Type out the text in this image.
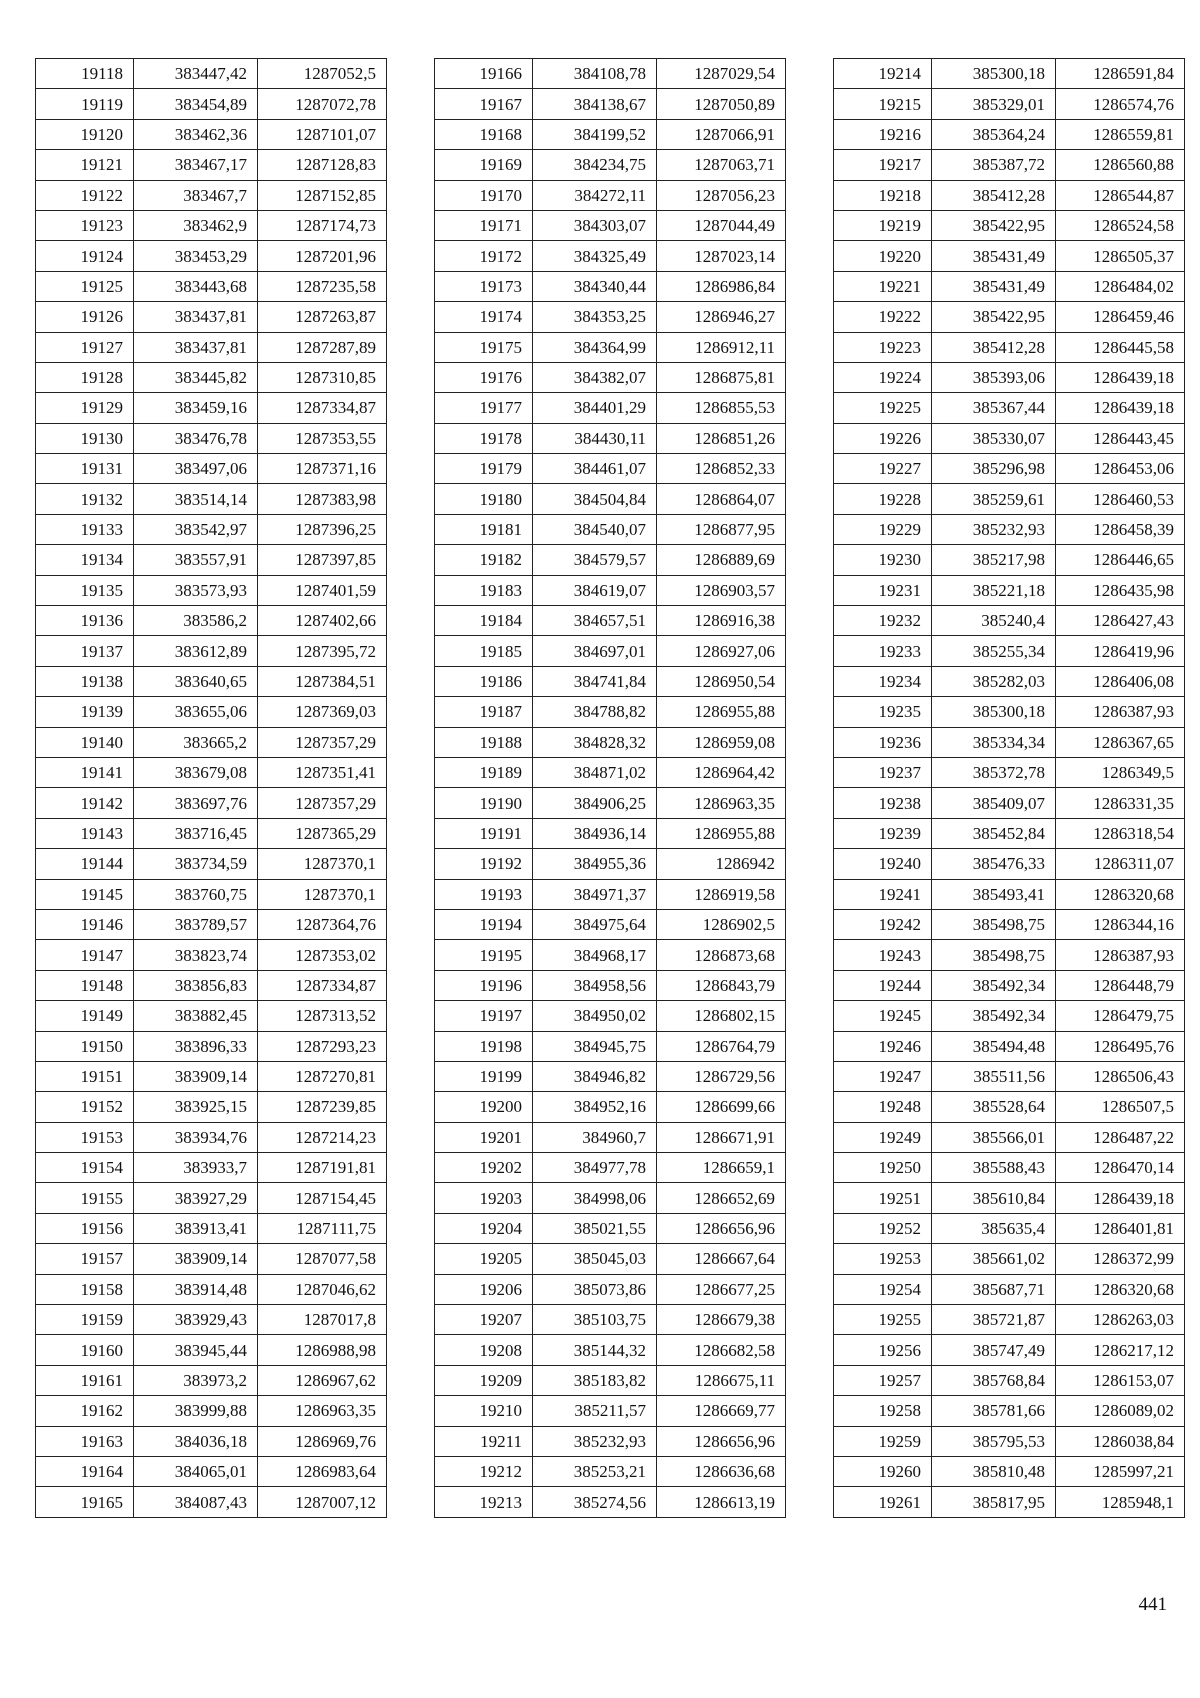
19118	383447,42	1287052,5
19119	383454,89	1287072,78
19120	383462,36	1287101,07
19121	383467,17	1287128,83
19122	383467,7	1287152,85
19123	383462,9	1287174,73
19124	383453,29	1287201,96
19125	383443,68	1287235,58
19126	383437,81	1287263,87
19127	383437,81	1287287,89
19128	383445,82	1287310,85
19129	383459,16	1287334,87
19130	383476,78	1287353,55
19131	383497,06	1287371,16
19132	383514,14	1287383,98
19133	383542,97	1287396,25
19134	383557,91	1287397,85
19135	383573,93	1287401,59
19136	383586,2	1287402,66
19137	383612,89	1287395,72
19138	383640,65	1287384,51
19139	383655,06	1287369,03
19140	383665,2	1287357,29
19141	383679,08	1287351,41
19142	383697,76	1287357,29
19143	383716,45	1287365,29
19144	383734,59	1287370,1
19145	383760,75	1287370,1
19146	383789,57	1287364,76
19147	383823,74	1287353,02
19148	383856,83	1287334,87
19149	383882,45	1287313,52
19150	383896,33	1287293,23
19151	383909,14	1287270,81
19152	383925,15	1287239,85
19153	383934,76	1287214,23
19154	383933,7	1287191,81
19155	383927,29	1287154,45
19156	383913,41	1287111,75
19157	383909,14	1287077,58
19158	383914,48	1287046,62
19159	383929,43	1287017,8
19160	383945,44	1286988,98
19161	383973,2	1286967,62
19162	383999,88	1286963,35
19163	384036,18	1286969,76
19164	384065,01	1286983,64
19165	384087,43	1287007,12
19166	384108,78	1287029,54
19167	384138,67	1287050,89
19168	384199,52	1287066,91
19169	384234,75	1287063,71
19170	384272,11	1287056,23
19171	384303,07	1287044,49
19172	384325,49	1287023,14
19173	384340,44	1286986,84
19174	384353,25	1286946,27
19175	384364,99	1286912,11
19176	384382,07	1286875,81
19177	384401,29	1286855,53
19178	384430,11	1286851,26
19179	384461,07	1286852,33
19180	384504,84	1286864,07
19181	384540,07	1286877,95
19182	384579,57	1286889,69
19183	384619,07	1286903,57
19184	384657,51	1286916,38
19185	384697,01	1286927,06
19186	384741,84	1286950,54
19187	384788,82	1286955,88
19188	384828,32	1286959,08
19189	384871,02	1286964,42
19190	384906,25	1286963,35
19191	384936,14	1286955,88
19192	384955,36	1286942
19193	384971,37	1286919,58
19194	384975,64	1286902,5
19195	384968,17	1286873,68
19196	384958,56	1286843,79
19197	384950,02	1286802,15
19198	384945,75	1286764,79
19199	384946,82	1286729,56
19200	384952,16	1286699,66
19201	384960,7	1286671,91
19202	384977,78	1286659,1
19203	384998,06	1286652,69
19204	385021,55	1286656,96
19205	385045,03	1286667,64
19206	385073,86	1286677,25
19207	385103,75	1286679,38
19208	385144,32	1286682,58
19209	385183,82	1286675,11
19210	385211,57	1286669,77
19211	385232,93	1286656,96
19212	385253,21	1286636,68
19213	385274,56	1286613,19
19214	385300,18	1286591,84
19215	385329,01	1286574,76
19216	385364,24	1286559,81
19217	385387,72	1286560,88
19218	385412,28	1286544,87
19219	385422,95	1286524,58
19220	385431,49	1286505,37
19221	385431,49	1286484,02
19222	385422,95	1286459,46
19223	385412,28	1286445,58
19224	385393,06	1286439,18
19225	385367,44	1286439,18
19226	385330,07	1286443,45
19227	385296,98	1286453,06
19228	385259,61	1286460,53
19229	385232,93	1286458,39
19230	385217,98	1286446,65
19231	385221,18	1286435,98
19232	385240,4	1286427,43
19233	385255,34	1286419,96
19234	385282,03	1286406,08
19235	385300,18	1286387,93
19236	385334,34	1286367,65
19237	385372,78	1286349,5
19238	385409,07	1286331,35
19239	385452,84	1286318,54
19240	385476,33	1286311,07
19241	385493,41	1286320,68
19242	385498,75	1286344,16
19243	385498,75	1286387,93
19244	385492,34	1286448,79
19245	385492,34	1286479,75
19246	385494,48	1286495,76
19247	385511,56	1286506,43
19248	385528,64	1286507,5
19249	385566,01	1286487,22
19250	385588,43	1286470,14
19251	385610,84	1286439,18
19252	385635,4	1286401,81
19253	385661,02	1286372,99
19254	385687,71	1286320,68
19255	385721,87	1286263,03
19256	385747,49	1286217,12
19257	385768,84	1286153,07
19258	385781,66	1286089,02
19259	385795,53	1286038,84
19260	385810,48	1285997,21
19261	385817,95	1285948,1
441
